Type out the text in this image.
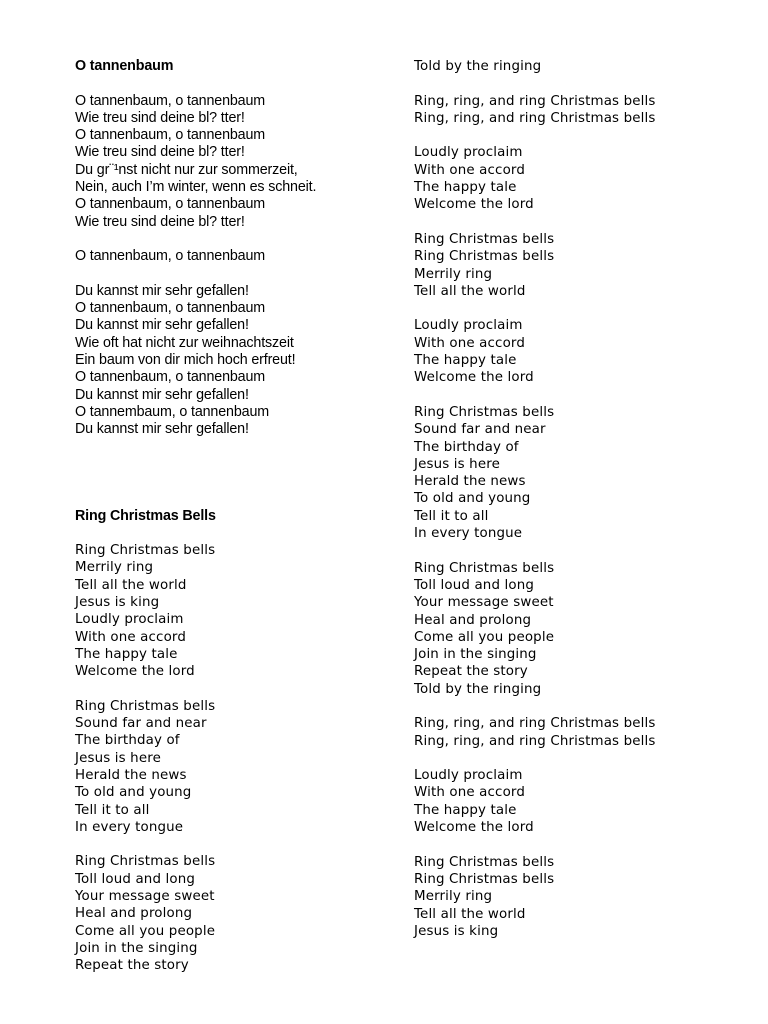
O tannenbaum
O tannenbaum, o tannenbaum
Wie treu sind deine bl? tter!
O tannenbaum, o tannenbaum
Wie treu sind deine bl? tter!
Du gr¨¹nst nicht nur zur sommerzeit,
Nein, auch I’m winter, wenn es schneit.
O tannenbaum, o tannenbaum
Wie treu sind deine bl? tter!
O tannenbaum, o tannenbaum
Du kannst mir sehr gefallen!
O tannenbaum, o tannenbaum
Du kannst mir sehr gefallen!
Wie oft hat nicht zur weihnachtszeit
Ein baum von dir mich hoch erfreut!
O tannenbaum, o tannenbaum
Du kannst mir sehr gefallen!
O tannembaum, o tannenbaum
Du kannst mir sehr gefallen!
Ring Christmas Bells
Ring Christmas bells
Merrily ring
Tell all the world
Jesus is king
Loudly proclaim
With one accord
The happy tale
Welcome the lord
Ring Christmas bells
Sound far and near
The birthday of
Jesus is here
Herald the news
To old and young
Tell it to all
In every tongue
Ring Christmas bells
Toll loud and long
Your message sweet
Heal and prolong
Come all you people
Join in the singing
Repeat the story
Told by the ringing
Ring, ring, and ring Christmas bells
Ring, ring, and ring Christmas bells
Loudly proclaim
With one accord
The happy tale
Welcome the lord
Ring Christmas bells
Ring Christmas bells
Merrily ring
Tell all the world
Loudly proclaim
With one accord
The happy tale
Welcome the lord
Ring Christmas bells
Sound far and near
The birthday of
Jesus is here
Herald the news
To old and young
Tell it to all
In every tongue
Ring Christmas bells
Toll loud and long
Your message sweet
Heal and prolong
Come all you people
Join in the singing
Repeat the story
Told by the ringing
Ring, ring, and ring Christmas bells
Ring, ring, and ring Christmas bells
Loudly proclaim
With one accord
The happy tale
Welcome the lord
Ring Christmas bells
Ring Christmas bells
Merrily ring
Tell all the world
Jesus is king
